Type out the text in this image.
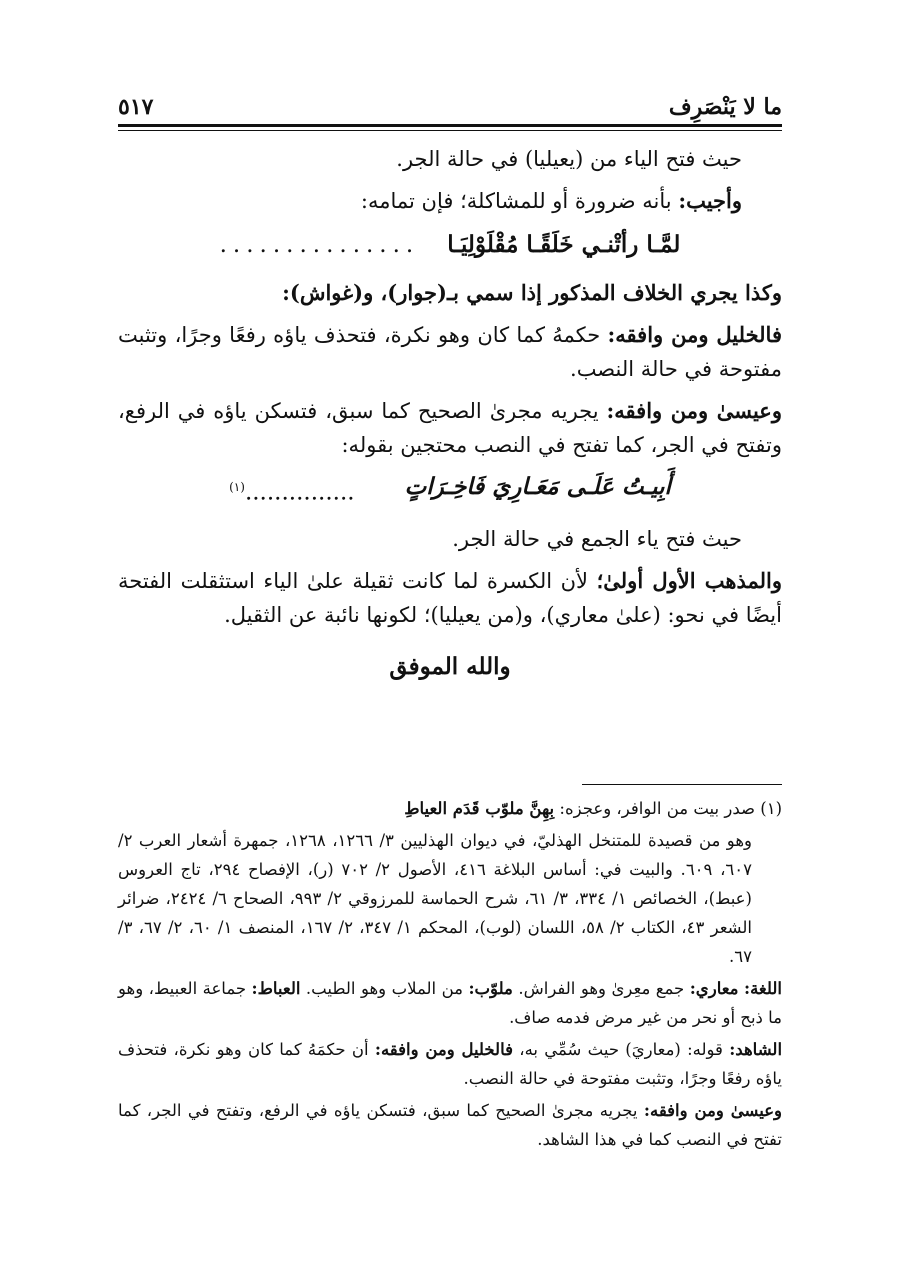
ما لا يَنْصَرِف
٥١٧

حيث فتح الياء من (يعيليا) في حالة الجر.

وأجيب: بأنه ضرورة أو للمشاكلة؛ فإن تمامه:

لمَّـا رأتْنـي خَلَقًـا مُقْلَوْلِيَـا
...............

وكذا يجري الخلاف المذكور إذا سمي بـ(جوار)، و(غواش):

فالخليل ومن وافقه: حكمهُ كما كان وهو نكرة، فتحذف ياؤه رفعًا وجرًا، وتثبت مفتوحة في حالة النصب.

وعيسىٰ ومن وافقه: يجريه مجرىٰ الصحيح كما سبق، فتسكن ياؤه في الرفع، وتفتح في الجر، كما تفتح في النصب محتجين بقوله:

أَبِيـتُ عَلَـى مَعَـارِيَ فَاخِـرَاتٍ
...............$^{(١)}$

حيث فتح ياء الجمع في حالة الجر.

والمذهب الأول أولىٰ؛ لأن الكسرة لما كانت ثقيلة علىٰ الياء استثقلت الفتحة أيضًا في نحو: (علىٰ معاري)، و(من يعيليا)؛ لكونها نائبة عن الثقيل.

والله الموفق

(١) صدر بيت من الوافر، وعجزه: بِهِنَّ ملوّب قَدَم العياطِ

وهو من قصيدة للمتنخل الهذليّ، في ديوان الهذليين ٣/ ١٢٦٦، ١٢٦٨، جمهرة أشعار العرب ٢/ ٦٠٧، ٦٠٩. والبيت في: أساس البلاغة ٤١٦، الأصول ٢/ ٧٠٢ (ر)، الإفصاح ٢٩٤، تاج العروس (عبط)، الخصائص ١/ ٣٣٤، ٣/ ٦١، شرح الحماسة للمرزوقي ٢/ ٩٩٣، الصحاح ٦/ ٢٤٢٤، ضرائر الشعر ٤٣، الكتاب ٢/ ٥٨، اللسان (لوب)، المحكم ١/ ٣٤٧، ٢/ ١٦٧، المنصف ١/ ٦٠، ٢/ ٦٧، ٣/ ٦٧.

اللغة: معاري: جمع معِرىٰ وهو الفراش. ملوّب: من الملاب وهو الطيب. العباط: جماعة العبيط، وهو ما ذبح أو نحر من غير مرض فدمه صاف.

الشاهد: قوله: (معاريَ) حيث سُمِّي به، فالخليل ومن وافقه: أن حكمَهُ كما كان وهو نكرة، فتحذف ياؤه رفعًا وجرًا، وتثبت مفتوحة في حالة النصب.

وعيسىٰ ومن وافقه: يجريه مجرىٰ الصحيح كما سبق، فتسكن ياؤه في الرفع، وتفتح في الجر، كما تفتح في النصب كما في هذا الشاهد.
